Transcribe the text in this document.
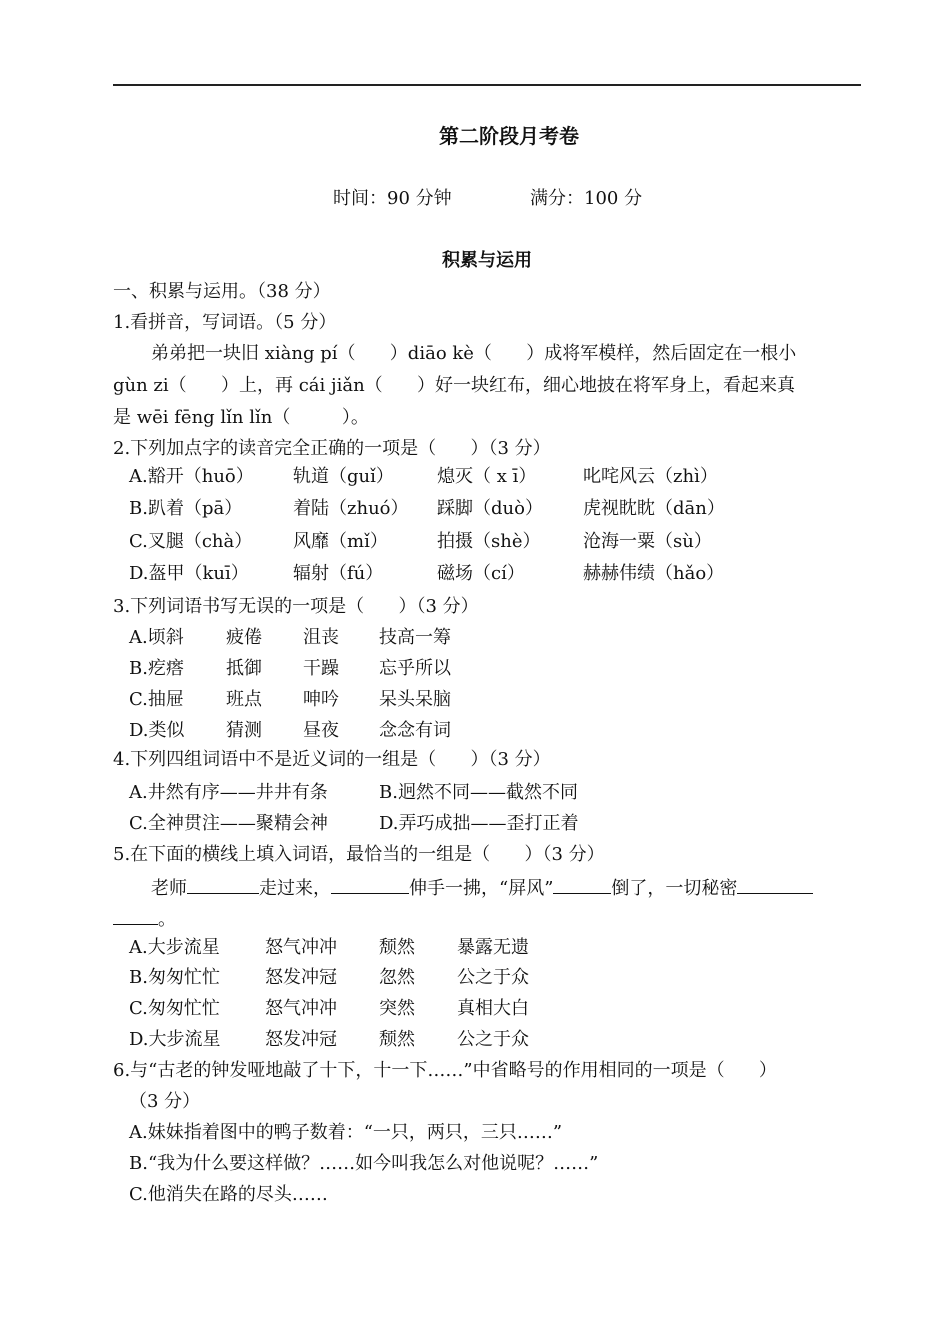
第二阶段月考卷
时间：90 分钟	满分：100 分
积累与运用
一、积累与运用。（38 分）
1.看拼音，写词语。（5 分）
弟弟把一块旧 xiàng pí（      ）diāo kè（      ）成将军模样，然后固定在一根小
gùn zi（      ）上，再 cái jiǎn（      ）好一块红布，细心地披在将军身上，看起来真
是 wēi fēng lǐn lǐn（         ）。
2.下列加点字的读音完全正确的一项是（      ）（3 分）
A.豁开（huō） 轨道（guǐ） 熄灭（ x ī）	叱咤风云（zhì）
B.趴着（pā）	着陆（zhuó） 踩脚（duò） 虎视眈眈（dān）
C.叉腿（chà） 风靡（mǐ）	拍摄（shè） 沧海一粟（sù）
D.盔甲（kuī） 辐射（fú）	磁场（cí）	赫赫伟绩（hǎo）
3.下列词语书写无误的一项是（      ）（3 分）
A.顷斜 疲倦 沮丧 技高一筹
B.疙瘩 抵御 干躁 忘乎所以
C.抽屉 班点 呻吟 呆头呆脑
D.类似 猜测 昼夜 念念有词
4.下列四组词语中不是近义词的一组是（      ）（3 分）
A.井然有序——井井有条	B.迥然不同——截然不同
C.全神贯注——聚精会神	D.弄巧成拙——歪打正着
5.在下面的横线上填入词语，最恰当的一组是（      ）（3 分）
老师	走过来，	伸手一拂，“屏风”	倒了，一切秘密
。
A.大步流星	怒气冲冲 颓然 暴露无遗
B.匆匆忙忙	怒发冲冠 忽然 公之于众
C.匆匆忙忙	怒气冲冲 突然 真相大白
D.大步流星 怒发冲冠 颓然 公之于众
6.与“古老的钟发哑地敲了十下，十一下……”中省略号的作用相同的一项是（      ）
（3 分）
A.妹妹指着图中的鸭子数着：“一只，两只，三只……”
B.“我为什么要这样做？……如今叫我怎么对他说呢？……”
C.他消失在路的尽头……
